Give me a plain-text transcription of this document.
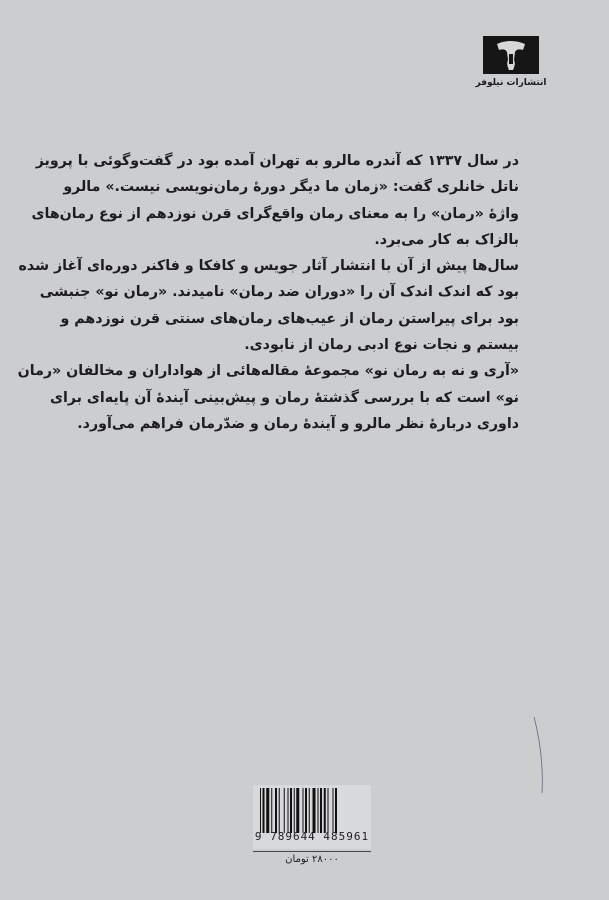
انتشارات نیلوفر
در سال ۱۳۳۷ که آندره مالرو به تهران آمده بود در گفت‌وگوئی با پرویز
ناتل خانلری گفت: «زمان ما دیگر دورهٔ رمان‌نویسی نیست.» مالرو
واژهٔ «رمان» را به معنای رمان واقع‌گرای قرن نوزدهم از نوع رمان‌های
بالزاک به کار می‌برد.
سال‌ها پیش از آن با انتشار آثار جویس و کافکا و فاکنر دوره‌ای آغاز شده
بود که اندک اندک آن را «دوران ضد رمان» نامیدند. «رمان نو» جنبشی
بود برای پیراستن رمان از عیب‌های رمان‌های سنتی قرن نوزدهم و
بیستم و نجات نوع ادبی رمان از نابودی.
«آری و نه به رمان نو» مجموعهٔ مقاله‌هائی از هواداران و مخالفان «رمان
نو» است که با بررسی گذشتهٔ رمان و پیش‌بینی آیندهٔ آن پایه‌ای برای
داوری دربارهٔ نظر مالرو و آیندهٔ رمان و ضدّرمان فراهم می‌آورد.
9 789644 485961
۲۸۰۰۰ تومان
